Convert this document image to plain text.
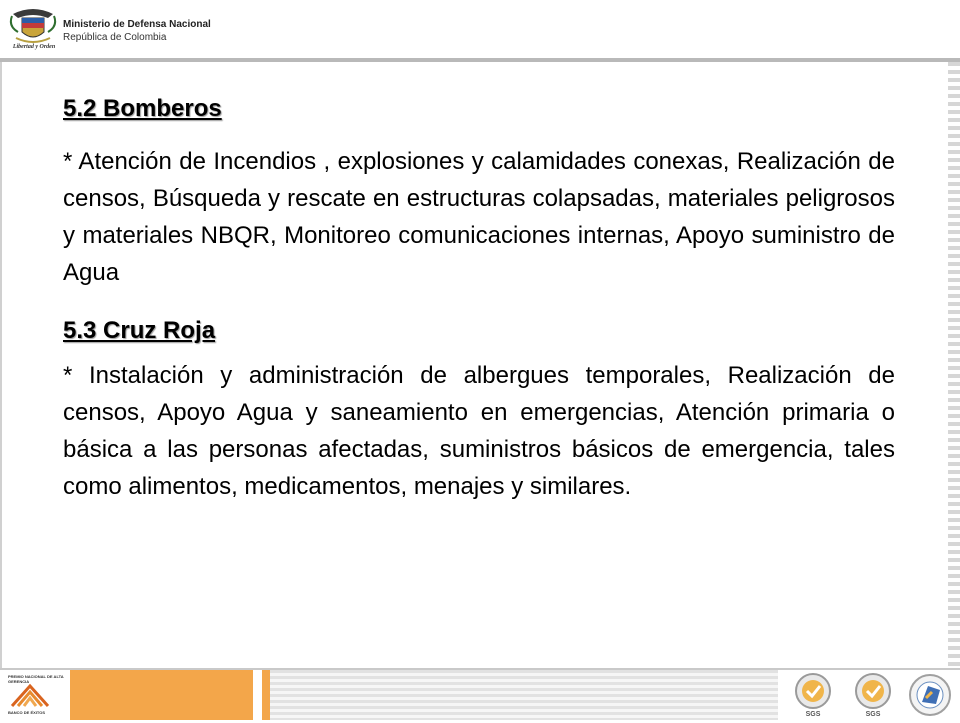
Libertad y Orden
Ministerio de Defensa Nacional
República de Colombia
5.2 Bomberos

* Atención de Incendios , explosiones y calamidades conexas, Realización de censos, Búsqueda y rescate en estructuras colapsadas, materiales peligrosos y materiales NBQR, Monitoreo comunicaciones internas, Apoyo suministro de Agua

5.3 Cruz Roja

* Instalación y administración de albergues temporales, Realización de censos, Apoyo Agua y saneamiento en emergencias, Atención primaria o básica a las personas afectadas, suministros básicos de emergencia, tales como alimentos, medicamentos, menajes y similares.

PREMIO NACIONAL DE ALTA GERENCIA
BANCO DE ÉXITOS	SGS	SGS
